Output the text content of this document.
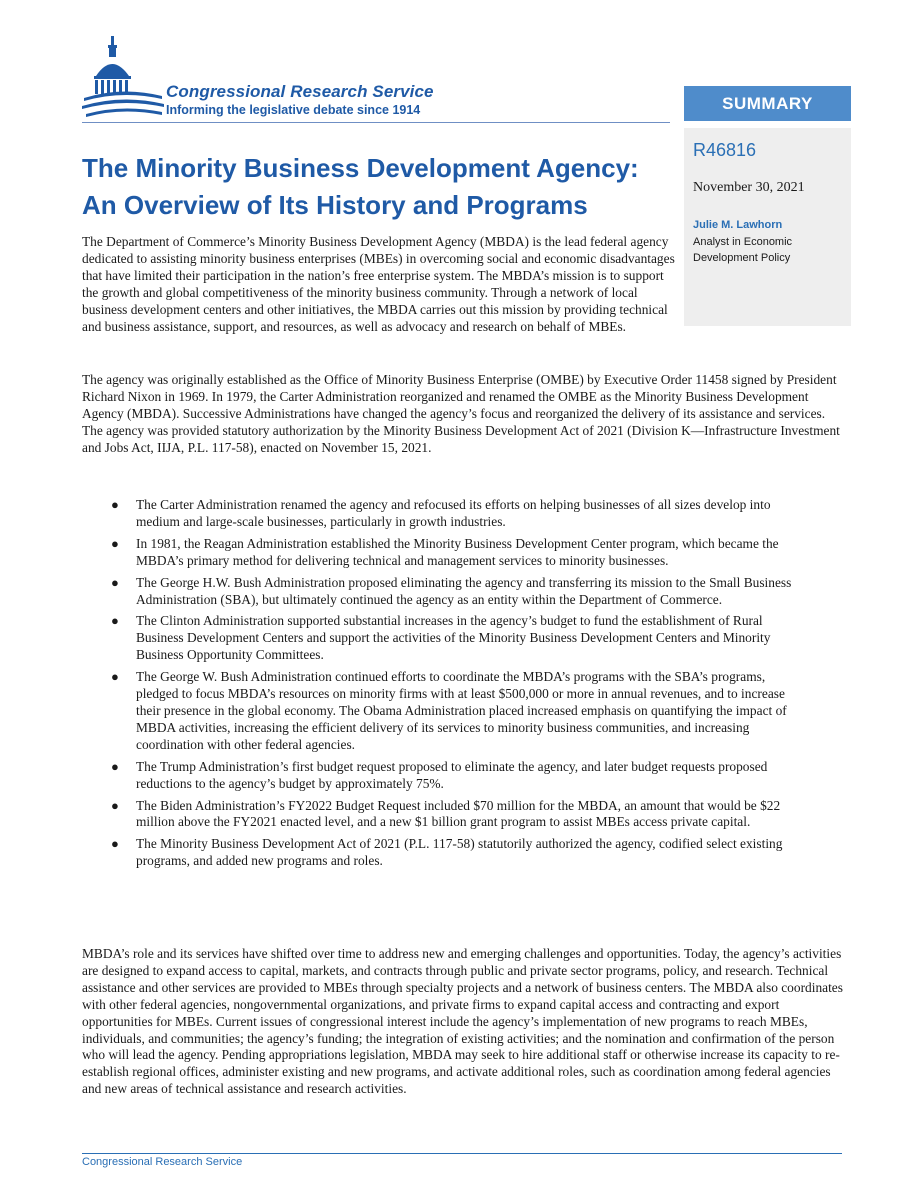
Congressional Research Service
Informing the legislative debate since 1914	SUMMARY
R46816
November 30, 2021
Julie M. Lawhorn
Analyst in Economic Development Policy
The Minority Business Development Agency:
An Overview of Its History and Programs

The Department of Commerce’s Minority Business Development Agency (MBDA) is the lead federal agency dedicated to assisting minority business enterprises (MBEs) in overcoming social and economic disadvantages that have limited their participation in the nation’s free enterprise system. The MBDA’s mission is to support the growth and global competitiveness of the minority business community. Through a network of local business development centers and other initiatives, the MBDA carries out this mission by providing technical and business assistance, support, and resources, as well as advocacy and research on behalf of MBEs.

The agency was originally established as the Office of Minority Business Enterprise (OMBE) by Executive Order 11458 signed by President Richard Nixon in 1969. In 1979, the Carter Administration reorganized and renamed the OMBE as the Minority Business Development Agency (MBDA). Successive Administrations have changed the agency’s focus and reorganized the delivery of its assistance and services. The agency was provided statutory authorization by the Minority Business Development Act of 2021 (Division K—Infrastructure Investment and Jobs Act, IIJA, P.L. 117-58), enacted on November 15, 2021.

● The Carter Administration renamed the agency and refocused its efforts on helping businesses of all sizes develop into medium and large-scale businesses, particularly in growth industries.
● In 1981, the Reagan Administration established the Minority Business Development Center program, which became the MBDA’s primary method for delivering technical and management services to minority businesses.
● The George H.W. Bush Administration proposed eliminating the agency and transferring its mission to the Small Business Administration (SBA), but ultimately continued the agency as an entity within the Department of Commerce.
● The Clinton Administration supported substantial increases in the agency’s budget to fund the establishment of Rural Business Development Centers and support the activities of the Minority Business Development Centers and Minority Business Opportunity Committees.
● The George W. Bush Administration continued efforts to coordinate the MBDA’s programs with the SBA’s programs, pledged to focus MBDA’s resources on minority firms with at least $500,000 or more in annual revenues, and to increase their presence in the global economy. The Obama Administration placed increased emphasis on quantifying the impact of MBDA activities, increasing the efficient delivery of its services to minority business communities, and increasing coordination with other federal agencies.
● The Trump Administration’s first budget request proposed to eliminate the agency, and later budget requests proposed reductions to the agency’s budget by approximately 75%.
● The Biden Administration’s FY2022 Budget Request included $70 million for the MBDA, an amount that would be $22 million above the FY2021 enacted level, and a new $1 billion grant program to assist MBEs access private capital.
● The Minority Business Development Act of 2021 (P.L. 117-58) statutorily authorized the agency, codified select existing programs, and added new programs and roles.

MBDA’s role and its services have shifted over time to address new and emerging challenges and opportunities. Today, the agency’s activities are designed to expand access to capital, markets, and contracts through public and private sector programs, policy, and research. Technical assistance and other services are provided to MBEs through specialty projects and a network of business centers. The MBDA also coordinates with other federal agencies, nongovernmental organizations, and private firms to expand capital access and contracting and export opportunities for MBEs. Current issues of congressional interest include the agency’s implementation of new programs to reach MBEs, individuals, and communities; the agency’s funding; the integration of existing activities; and the nomination and confirmation of the person who will lead the agency. Pending appropriations legislation, MBDA may seek to hire additional staff or otherwise increase its capacity to re-establish regional offices, administer existing and new programs, and activate additional roles, such as coordination among federal agencies and new areas of technical assistance and research activities.

Congressional Research Service
